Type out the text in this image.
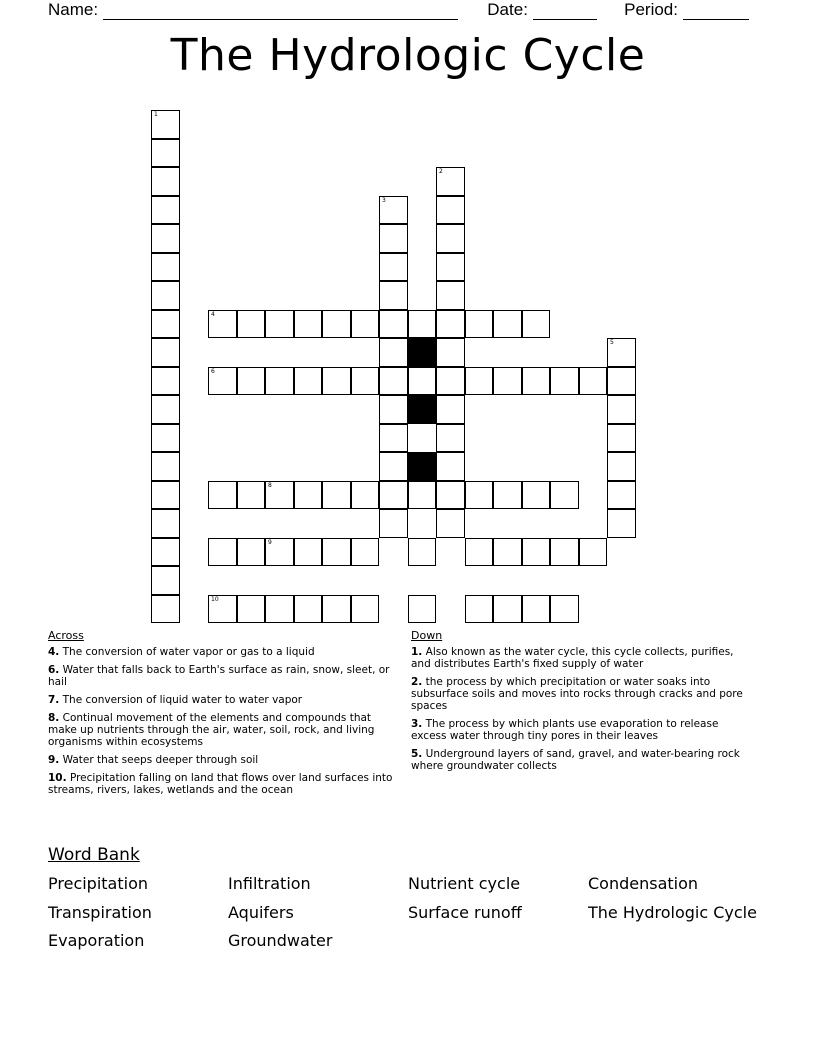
Name:	Date:	Period:
The Hydrologic Cycle
1
3
2
5
4
6
8
9
10
Across
4. The conversion of water vapor or gas to a liquid
6. Water that falls back to Earth's surface as rain, snow, sleet, or hail
7. The conversion of liquid water to water vapor
8. Continual movement of the elements and compounds that make up nutrients through the air, water, soil, rock, and living organisms within ecosystems
9. Water that seeps deeper through soil
10. Precipitation falling on land that flows over land surfaces into streams, rivers, lakes, wetlands and the ocean
Down
1. Also known as the water cycle, this cycle collects, purifies, and distributes Earth's fixed supply of water
2. the process by which precipitation or water soaks into subsurface soils and moves into rocks through cracks and pore spaces
3. The process by which plants use evaporation to release excess water through tiny pores in their leaves
5. Underground layers of sand, gravel, and water-bearing rock where groundwater collects
Word Bank
Precipitation	Infiltration	Nutrient cycle	Condensation
Transpiration	Aquifers	Surface runoff	The Hydrologic Cycle
Evaporation	Groundwater
